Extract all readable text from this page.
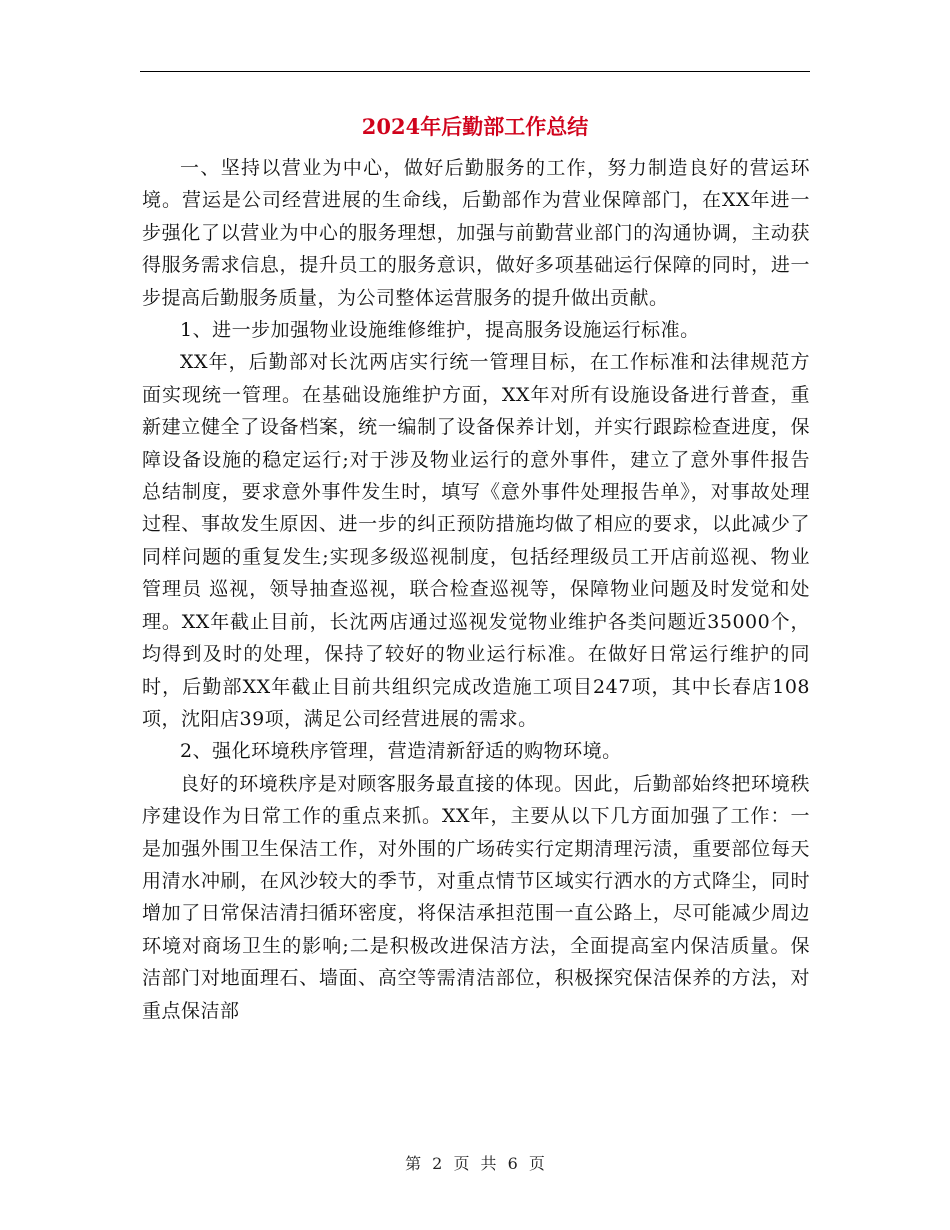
2024年后勤部工作总结

一、坚持以营业为中心，做好后勤服务的工作，努力制造良好的营运环境。营运是公司经营进展的生命线，后勤部作为营业保障部门，在XX年进一步强化了以营业为中心的服务理想，加强与前勤营业部门的沟通协调，主动获得服务需求信息，提升员工的服务意识，做好多项基础运行保障的同时，进一步提高后勤服务质量，为公司整体运营服务的提升做出贡献。

1、进一步加强物业设施维修维护，提高服务设施运行标准。

XX年，后勤部对长沈两店实行统一管理目标，在工作标准和法律规范方面实现统一管理。在基础设施维护方面，XX年对所有设施设备进行普查，重新建立健全了设备档案，统一编制了设备保养计划，并实行跟踪检查进度，保障设备设施的稳定运行;对于涉及物业运行的意外事件，建立了意外事件报告总结制度，要求意外事件发生时，填写《意外事件处理报告单》，对事故处理过程、事故发生原因、进一步的纠正预防措施均做了相应的要求，以此减少了同样问题的重复发生;实现多级巡视制度，包括经理级员工开店前巡视、物业管理员 巡视，领导抽查巡视，联合检查巡视等，保障物业问题及时发觉和处理。XX年截止目前，长沈两店通过巡视发觉物业维护各类问题近35000个，均得到及时的处理，保持了较好的物业运行标准。在做好日常运行维护的同时，后勤部XX年截止目前共组织完成改造施工项目247项，其中长春店108项，沈阳店39项，满足公司经营进展的需求。

2、强化环境秩序管理，营造清新舒适的购物环境。

良好的环境秩序是对顾客服务最直接的体现。因此，后勤部始终把环境秩序建设作为日常工作的重点来抓。XX年，主要从以下几方面加强了工作：一是加强外围卫生保洁工作，对外围的广场砖实行定期清理污渍，重要部位每天用清水冲刷，在风沙较大的季节，对重点情节区域实行洒水的方式降尘，同时增加了日常保洁清扫循环密度，将保洁承担范围一直公路上，尽可能减少周边环境对商场卫生的影响;二是积极改进保洁方法，全面提高室内保洁质量。保洁部门对地面理石、墙面、高空等需清洁部位，积极探究保洁保养的方法，对重点保洁部

第 2 页 共 6 页
